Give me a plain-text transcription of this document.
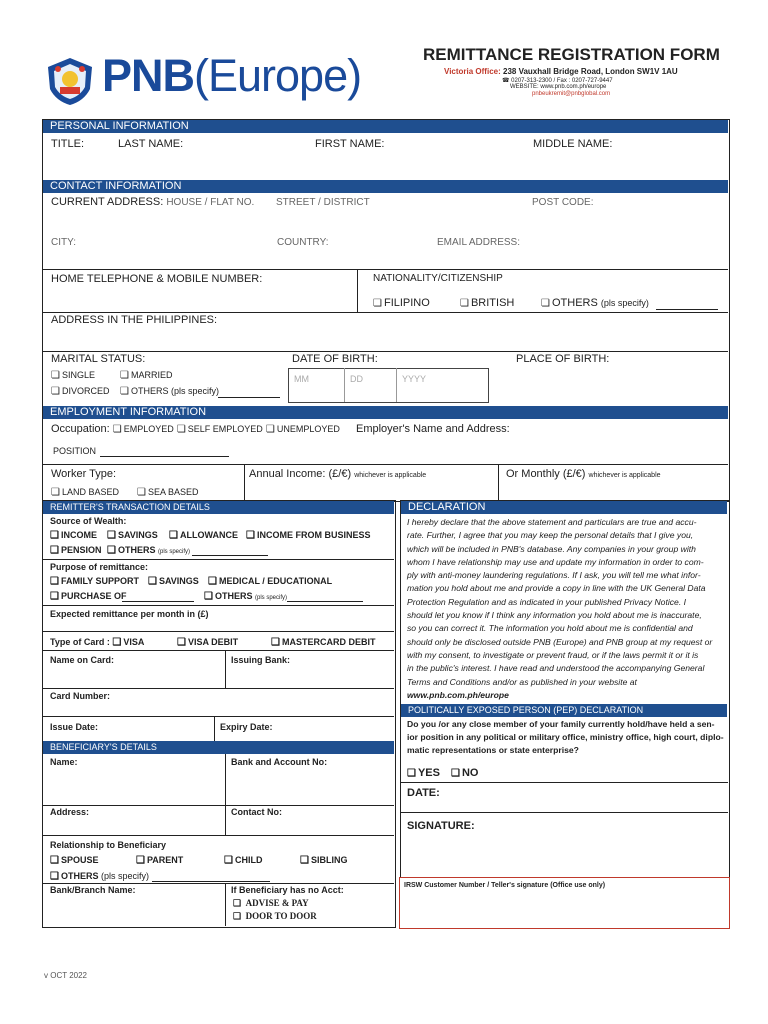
PNB(Europe)	REMITTANCE REGISTRATION FORM
Victoria Office: 238 Vauxhall Bridge Road, London SW1V 1AU
☎ 0207-313-2300 / Fax : 0207-727-9447
WEBSITE: www.pnb.com.ph/europe
pnbeukremit@pnbglobal.com
PERSONAL INFORMATION
TITLE:	LAST NAME:	FIRST NAME:	MIDDLE NAME:
CONTACT INFORMATION
CURRENT ADDRESS: HOUSE / FLAT NO. STREET / DISTRICT	POST CODE:
CITY:	COUNTRY:	EMAIL ADDRESS:
HOME TELEPHONE & MOBILE NUMBER:	NATIONALITY/CITIZENSHIP
❏ FILIPINO	❏ BRITISH	❏ OTHERS (pls specify)
ADDRESS IN THE PHILIPPINES:
MARITAL STATUS:
❏ SINGLE	❏ MARRIED
❏ DIVORCED	❏ OTHERS (pls specify)
DATE OF BIRTH:
MM	DD	YYYY
PLACE OF BIRTH:
EMPLOYMENT INFORMATION
Occupation: ❏ EMPLOYED ❏ SELF EMPLOYED ❏ UNEMPLOYED Employer's Name and Address:
POSITION
Worker Type:
❏ LAND BASED	❏ SEA BASED
Annual Income: (£/€) whichever is applicable	Or Monthly (£/€) whichever is applicable
REMITTER'S TRANSACTION DETAILS
Source of Wealth:
❏ INCOME	❏ SAVINGS	❏ ALLOWANCE	❏ INCOME FROM BUSINESS
❏ PENSION	❏ OTHERS (pls specify)
Purpose of remittance:
❏ FAMILY SUPPORT	❏ SAVINGS	❏ MEDICAL / EDUCATIONAL
❏ PURCHASE OF	❏ OTHERS (pls specify)
Expected remittance per month in (£)
Type of Card : ❏ VISA	❏ VISA DEBIT	❏ MASTERCARD DEBIT
Name on Card:	Issuing Bank:
Card Number:
Issue Date:	Expiry Date:
BENEFICIARY'S DETAILS
Name:	Bank and Account No:
Address:	Contact No:
Relationship to Beneficiary
❏ SPOUSE	❏ PARENT	❏ CHILD	❏ SIBLING
❏ OTHERS (pls specify)
Bank/Branch Name:	If Beneficiary has no Acct:
❏ ADVISE & PAY
❏ DOOR TO DOOR
DECLARATION
I hereby declare that the above statement and particulars are true and accu-
rate. Further, I agree that you may keep the personal details that I give you,
which will be included in PNB's database. Any companies in your group with
whom I have relationship may use and update my information in order to com-
ply with anti-money laundering regulations. If I ask, you will tell me what infor-
mation you hold about me and provide a copy in line with the UK General Data
Protection Regulation and as indicated in your published Privacy Notice. I
should let you know if I think any information you hold about me is inaccurate,
so you can correct it. The information you hold about me is confidential and
should only be disclosed outside PNB (Europe) and PNB group at my request or
with my consent, to investigate or prevent fraud, or if the laws permit it or it is
in the public's interest. I have read and understood the accompanying General
Terms and Conditions and/or as published in your website at
www.pnb.com.ph/europe
POLITICALLY EXPOSED PERSON (PEP) DECLARATION
Do you /or any close member of your family currently hold/have held a sen-
ior position in any political or military office, ministry office, high court, diplo-
matic representations or state enterprise?
❏ YES	❏ NO
DATE:
SIGNATURE:
IRSW Customer Number / Teller's signature (Office use only)
v OCT 2022
